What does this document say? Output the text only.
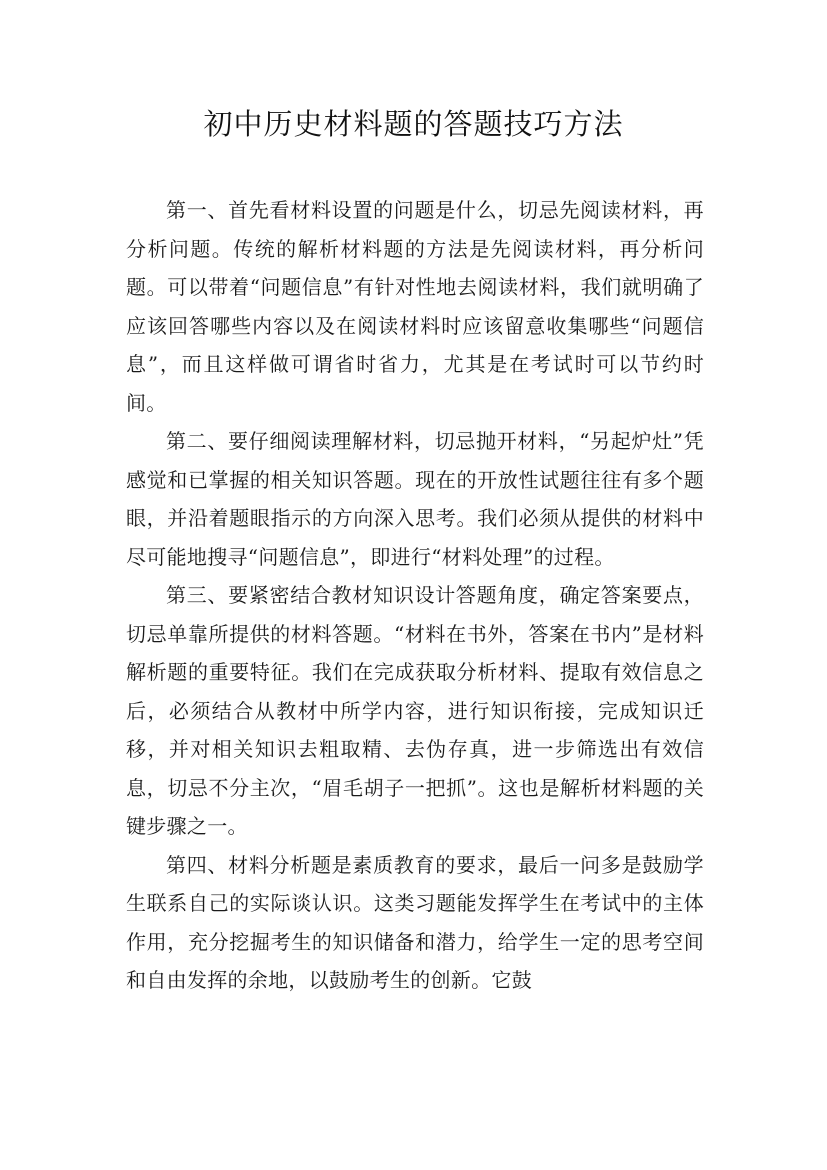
初中历史材料题的答题技巧方法

第一、首先看材料设置的问题是什么，切忌先阅读材料，再分析问题。传统的解析材料题的方法是先阅读材料，再分析问题。可以带着“问题信息”有针对性地去阅读材料，我们就明确了应该回答哪些内容以及在阅读材料时应该留意收集哪些“问题信息”，而且这样做可谓省时省力，尤其是在考试时可以节约时间。

第二、要仔细阅读理解材料，切忌抛开材料，“另起炉灶”凭感觉和已掌握的相关知识答题。现在的开放性试题往往有多个题眼，并沿着题眼指示的方向深入思考。我们必须从提供的材料中尽可能地搜寻“问题信息”，即进行“材料处理”的过程。

第三、要紧密结合教材知识设计答题角度，确定答案要点，切忌单靠所提供的材料答题。“材料在书外，答案在书内”是材料解析题的重要特征。我们在完成获取分析材料、提取有效信息之后，必须结合从教材中所学内容，进行知识衔接，完成知识迁移，并对相关知识去粗取精、去伪存真，进一步筛选出有效信息，切忌不分主次，“眉毛胡子一把抓”。这也是解析材料题的关键步骤之一。

第四、材料分析题是素质教育的要求，最后一问多是鼓励学生联系自己的实际谈认识。这类习题能发挥学生在考试中的主体作用，充分挖掘考生的知识储备和潜力，给学生一定的思考空间和自由发挥的余地，以鼓励考生的创新。它鼓
